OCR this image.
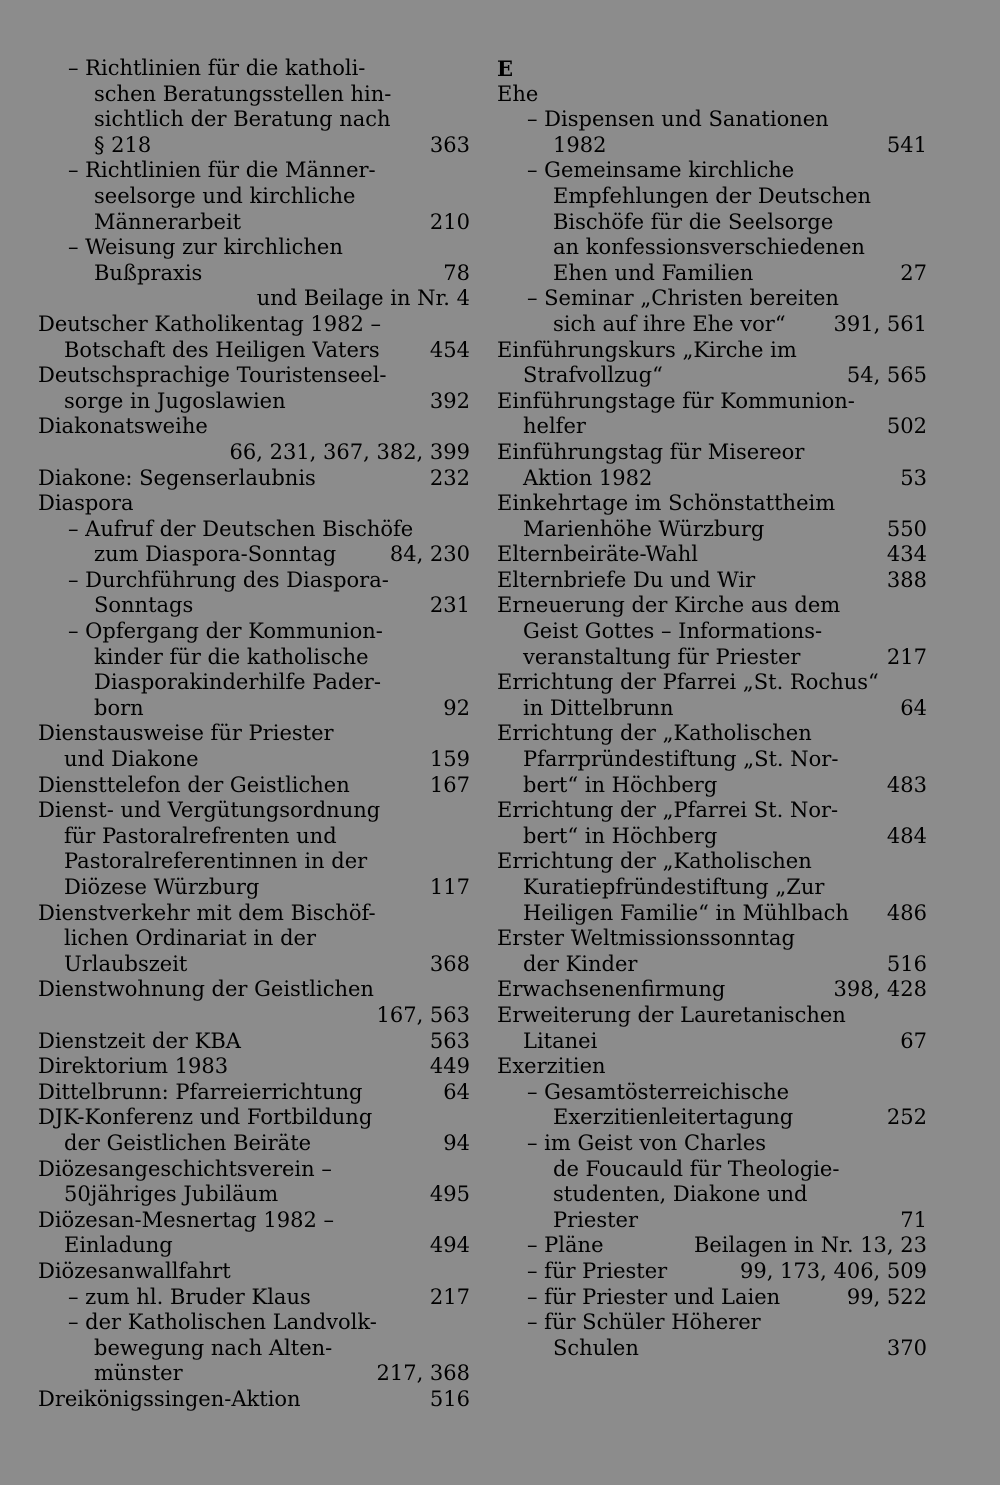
– Richtlinien für die katholi-
schen Beratungsstellen hin-
sichtlich der Beratung nach
§ 218	363
– Richtlinien für die Männer-
seelsorge und kirchliche
Männerarbeit	210
– Weisung zur kirchlichen
Bußpraxis	78
und Beilage in Nr. 4
Deutscher Katholikentag 1982 –
Botschaft des Heiligen Vaters 454
Deutschsprachige Touristenseel-
sorge in Jugoslawien	392
Diakonatsweihe
66, 231, 367, 382, 399
Diakone: Segenserlaubnis	232
Diaspora
– Aufruf der Deutschen Bischöfe
zum Diaspora-Sonntag	84, 230
– Durchführung des Diaspora-
Sonntags	231
– Opfergang der Kommunion-
kinder für die katholische
Diasporakinderhilfe Pader-
born	92
Dienstausweise für Priester
und Diakone	159
Diensttelefon der Geistlichen	167
Dienst- und Vergütungsordnung
für Pastoralrefrenten und
Pastoralreferentinnen in der
Diözese Würzburg	117
Dienstverkehr mit dem Bischöf-
lichen Ordinariat in der
Urlaubszeit	368
Dienstwohnung der Geistlichen
167, 563
Dienstzeit der KBA	563
Direktorium 1983	449
Dittelbrunn: Pfarreierrichtung	64
DJK-Konferenz und Fortbildung
der Geistlichen Beiräte	94
Diözesangeschichtsverein –
50jähriges Jubiläum	495
Diözesan-Mesnertag 1982 –
Einladung	494
Diözesanwallfahrt
– zum hl. Bruder Klaus	217
– der Katholischen Landvolk-
bewegung nach Alten-
münster	217, 368
Dreikönigssingen-Aktion	516
E
Ehe
– Dispensen und Sanationen
1982	541
– Gemeinsame kirchliche
Empfehlungen der Deutschen
Bischöfe für die Seelsorge
an konfessionsverschiedenen
Ehen und Familien	27
– Seminar „Christen bereiten
sich auf ihre Ehe vor“ 391, 561
Einführungskurs „Kirche im
Strafvollzug“	54, 565
Einführungstage für Kommunion-
helfer	502
Einführungstag für Misereor
Aktion 1982	53
Einkehrtage im Schönstattheim
Marienhöhe Würzburg	550
Elternbeiräte-Wahl	434
Elternbriefe Du und Wir	388
Erneuerung der Kirche aus dem
Geist Gottes – Informations-
veranstaltung für Priester	217
Errichtung der Pfarrei „St. Rochus“
in Dittelbrunn	64
Errichtung der „Katholischen
Pfarrpründestiftung „St. Nor-
bert“ in Höchberg	483
Errichtung der „Pfarrei St. Nor-
bert“ in Höchberg	484
Errichtung der „Katholischen
Kuratiepfründestiftung „Zur
Heiligen Familie“ in Mühlbach 486
Erster Weltmissionssonntag
der Kinder	516
Erwachsenenfirmung	398, 428
Erweiterung der Lauretanischen
Litanei	67
Exerzitien
– Gesamtösterreichische
Exerzitienleitertagung	252
– im Geist von Charles
de Foucauld für Theologie-
studenten, Diakone und
Priester	71
– Pläne	Beilagen in Nr. 13, 23
– für Priester	99, 173, 406, 509
– für Priester und Laien	99, 522
– für Schüler Höherer
Schulen	370
